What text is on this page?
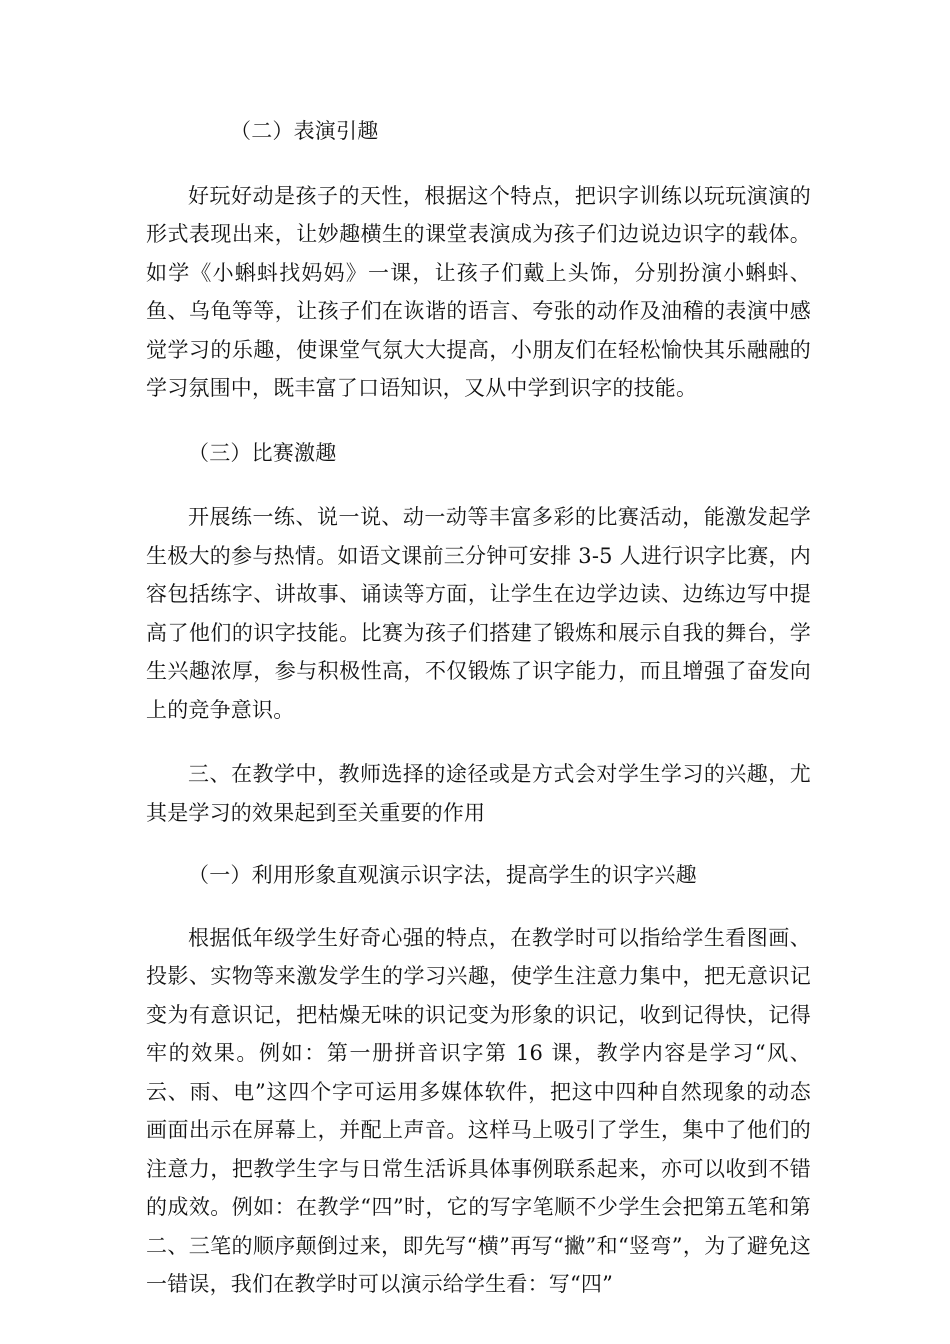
（二）表演引趣

好玩好动是孩子的天性，根据这个特点，把识字训练以玩玩演演的形式表现出来，让妙趣横生的课堂表演成为孩子们边说边识字的载体。如学《小蝌蚪找妈妈》一课，让孩子们戴上头饰，分别扮演小蝌蚪、鱼、乌龟等等，让孩子们在诙谐的语言、夸张的动作及油稽的表演中感觉学习的乐趣，使课堂气氛大大提高，小朋友们在轻松愉快其乐融融的学习氛围中，既丰富了口语知识，又从中学到识字的技能。

（三）比赛激趣

开展练一练、说一说、动一动等丰富多彩的比赛活动，能激发起学生极大的参与热情。如语文课前三分钟可安排 3-5 人进行识字比赛，内容包括练字、讲故事、诵读等方面，让学生在边学边读、边练边写中提高了他们的识字技能。比赛为孩子们搭建了锻炼和展示自我的舞台，学生兴趣浓厚，参与积极性高，不仅锻炼了识字能力，而且增强了奋发向上的竞争意识。

三、在教学中，教师选择的途径或是方式会对学生学习的兴趣，尤其是学习的效果起到至关重要的作用

（一）利用形象直观演示识字法，提高学生的识字兴趣

根据低年级学生好奇心强的特点，在教学时可以指给学生看图画、投影、实物等来激发学生的学习兴趣，使学生注意力集中，把无意识记变为有意识记，把枯燥无味的识记变为形象的识记，收到记得快，记得牢的效果。例如：第一册拼音识字第 16 课，教学内容是学习“风、云、雨、电”这四个字可运用多媒体软件，把这中四种自然现象的动态画面出示在屏幕上，并配上声音。这样马上吸引了学生，集中了他们的注意力，把教学生字与日常生活诉具体事例联系起来，亦可以收到不错的成效。例如：在教学“四”时，它的写字笔顺不少学生会把第五笔和第二、三笔的顺序颠倒过来，即先写“横”再写“撇”和“竖弯”，为了避免这一错误，我们在教学时可以演示给学生看：写“四”
